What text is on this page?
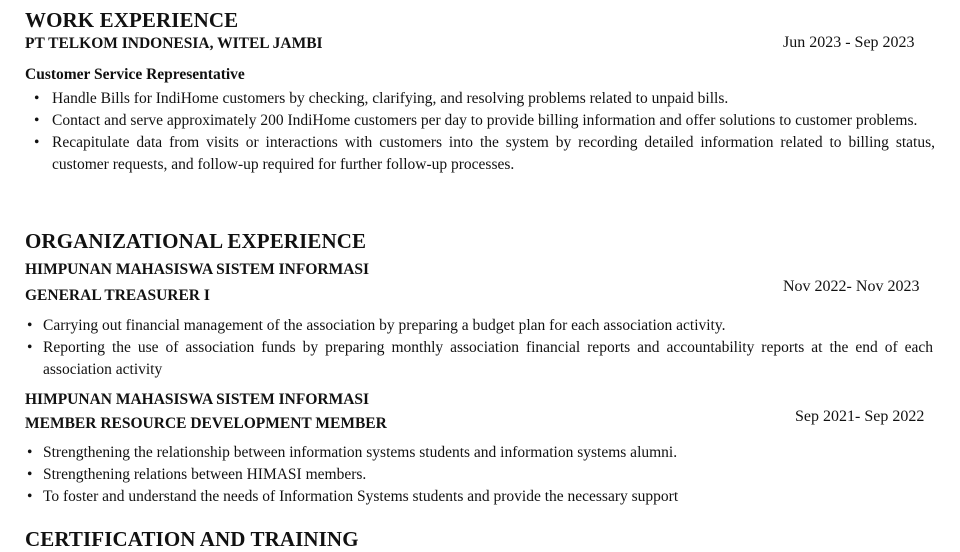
WORK EXPERIENCE
PT TELKOM INDONESIA, WITEL JAMBI	Jun 2023 - Sep 2023
Customer Service Representative
• Handle Bills for IndiHome customers by checking, clarifying, and resolving problems related to unpaid bills.
• Contact and serve approximately 200 IndiHome customers per day to provide billing information and offer solutions to customer problems.
• Recapitulate data from visits or interactions with customers into the system by recording detailed information related to billing status, customer requests, and follow-up required for further follow-up processes.
ORGANIZATIONAL EXPERIENCE
HIMPUNAN MAHASISWA SISTEM INFORMASI
GENERAL TREASURER I
Nov 2022- Nov 2023
• Carrying out financial management of the association by preparing a budget plan for each association activity.
• Reporting the use of association funds by preparing monthly association financial reports and accountability reports at the end of each association activity
HIMPUNAN MAHASISWA SISTEM INFORMASI
MEMBER RESOURCE DEVELOPMENT MEMBER	Sep 2021- Sep 2022
• Strengthening the relationship between information systems students and information systems alumni.
• Strengthening relations between HIMASI members.
• To foster and understand the needs of Information Systems students and provide the necessary support
CERTIFICATION AND TRAINING
